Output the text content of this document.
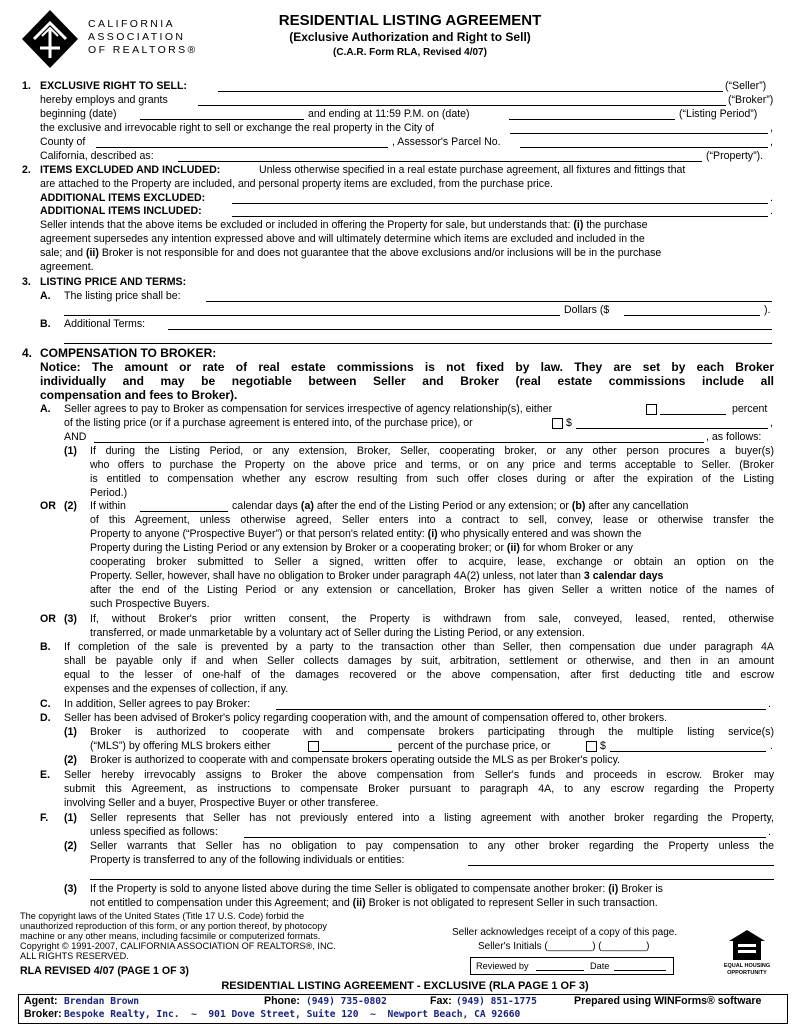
CALIFORNIA
ASSOCIATION
OF REALTORS®
RESIDENTIAL LISTING AGREEMENT
(Exclusive Authorization and Right to Sell)
(C.A.R. Form RLA, Revised 4/07)
1. EXCLUSIVE RIGHT TO SELL:	(“Seller”)
hereby employs and grants	(“Broker”)
beginning (date)	and ending at 11:59 P.M. on (date)	(“Listing Period”)
the exclusive and irrevocable right to sell or exchange the real property in the City of	,
County of	, Assessor's Parcel No.	,
California, described as:	(“Property”).
2. ITEMS EXCLUDED AND INCLUDED:	Unless otherwise specified in a real estate purchase agreement, all fixtures and fittings that
are attached to the Property are included, and personal property items are excluded, from the purchase price.
ADDITIONAL ITEMS EXCLUDED:	.
ADDITIONAL ITEMS INCLUDED:	.
Seller intends that the above items be excluded or included in offering the Property for sale, but understands that: (i) the purchase
agreement supersedes any intention expressed above and will ultimately determine which items are excluded and included in the
sale; and (ii) Broker is not responsible for and does not guarantee that the above exclusions and/or inclusions will be in the purchase
agreement.
3. LISTING PRICE AND TERMS:
A. The listing price shall be:
Dollars ($	).
B. Additional Terms:
4. COMPENSATION TO BROKER:
Notice: The amount or rate of real estate commissions is not fixed by law. They are set by each Broker
individually and may be negotiable between Seller and Broker (real estate commissions include all
compensation and fees to Broker).
A. Seller agrees to pay to Broker as compensation for services irrespective of agency relationship(s), either	percent
of the listing price (or if a purchase agreement is entered into, of the purchase price), or	$	,
AND	, as follows:
(1) If during the Listing Period, or any extension, Broker, Seller, cooperating broker, or any other person procures a buyer(s)
who offers to purchase the Property on the above price and terms, or on any price and terms acceptable to Seller. (Broker
is entitled to compensation whether any escrow resulting from such offer closes during or after the expiration of the Listing
Period.)
OR (2) If within	calendar days (a) after the end of the Listing Period or any extension; or (b) after any cancellation
of this Agreement, unless otherwise agreed, Seller enters into a contract to sell, convey, lease or otherwise transfer the
Property to anyone (“Prospective Buyer”) or that person's related entity: (i) who physically entered and was shown the
Property during the Listing Period or any extension by Broker or a cooperating broker; or (ii) for whom Broker or any
cooperating broker submitted to Seller a signed, written offer to acquire, lease, exchange or obtain an option on the
Property. Seller, however, shall have no obligation to Broker under paragraph 4A(2) unless, not later than 3 calendar days
after the end of the Listing Period or any extension or cancellation, Broker has given Seller a written notice of the names of
such Prospective Buyers.
OR (3) If, without Broker's prior written consent, the Property is withdrawn from sale, conveyed, leased, rented, otherwise
transferred, or made unmarketable by a voluntary act of Seller during the Listing Period, or any extension.
B. If completion of the sale is prevented by a party to the transaction other than Seller, then compensation due under paragraph 4A
shall be payable only if and when Seller collects damages by suit, arbitration, settlement or otherwise, and then in an amount
equal to the lesser of one-half of the damages recovered or the above compensation, after first deducting title and escrow
expenses and the expenses of collection, if any.
C. In addition, Seller agrees to pay Broker:	.
D. Seller has been advised of Broker's policy regarding cooperation with, and the amount of compensation offered to, other brokers.
(1) Broker is authorized to cooperate with and compensate brokers participating through the multiple listing service(s)
(“MLS”) by offering MLS brokers either	percent of the purchase price, or	$	.
(2) Broker is authorized to cooperate with and compensate brokers operating outside the MLS as per Broker's policy.
E. Seller hereby irrevocably assigns to Broker the above compensation from Seller's funds and proceeds in escrow. Broker may
submit this Agreement, as instructions to compensate Broker pursuant to paragraph 4A, to any escrow regarding the Property
involving Seller and a buyer, Prospective Buyer or other transferee.
F. (1) Seller represents that Seller has not previously entered into a listing agreement with another broker regarding the Property,
unless specified as follows:	.
(2) Seller warrants that Seller has no obligation to pay compensation to any other broker regarding the Property unless the
Property is transferred to any of the following individuals or entities:
(3) If the Property is sold to anyone listed above during the time Seller is obligated to compensate another broker: (i) Broker is
not entitled to compensation under this Agreement; and (ii) Broker is not obligated to represent Seller in such transaction.
The copyright laws of the United States (Title 17 U.S. Code) forbid the
unauthorized reproduction of this form, or any portion thereof, by photocopy
machine or any other means, including facsimile or computerized formats.
Copyright © 1991-2007, CALIFORNIA ASSOCIATION OF REALTORS®, INC.
ALL RIGHTS RESERVED.
RLA REVISED 4/07 (PAGE 1 OF 3)
Seller acknowledges receipt of a copy of this page.
Seller's Initials (________) (________)
Reviewed by	Date	EQUAL HOUSING
OPPORTUNITY
RESIDENTIAL LISTING AGREEMENT - EXCLUSIVE (RLA PAGE 1 OF 3)
Agent: Brendan Brown	Phone: (949) 735-0802	Fax: (949) 851-1775	Prepared using WINForms® software
Broker: Bespoke Realty, Inc.  ~  901 Dove Street, Suite 120  ~  Newport Beach, CA 92660
